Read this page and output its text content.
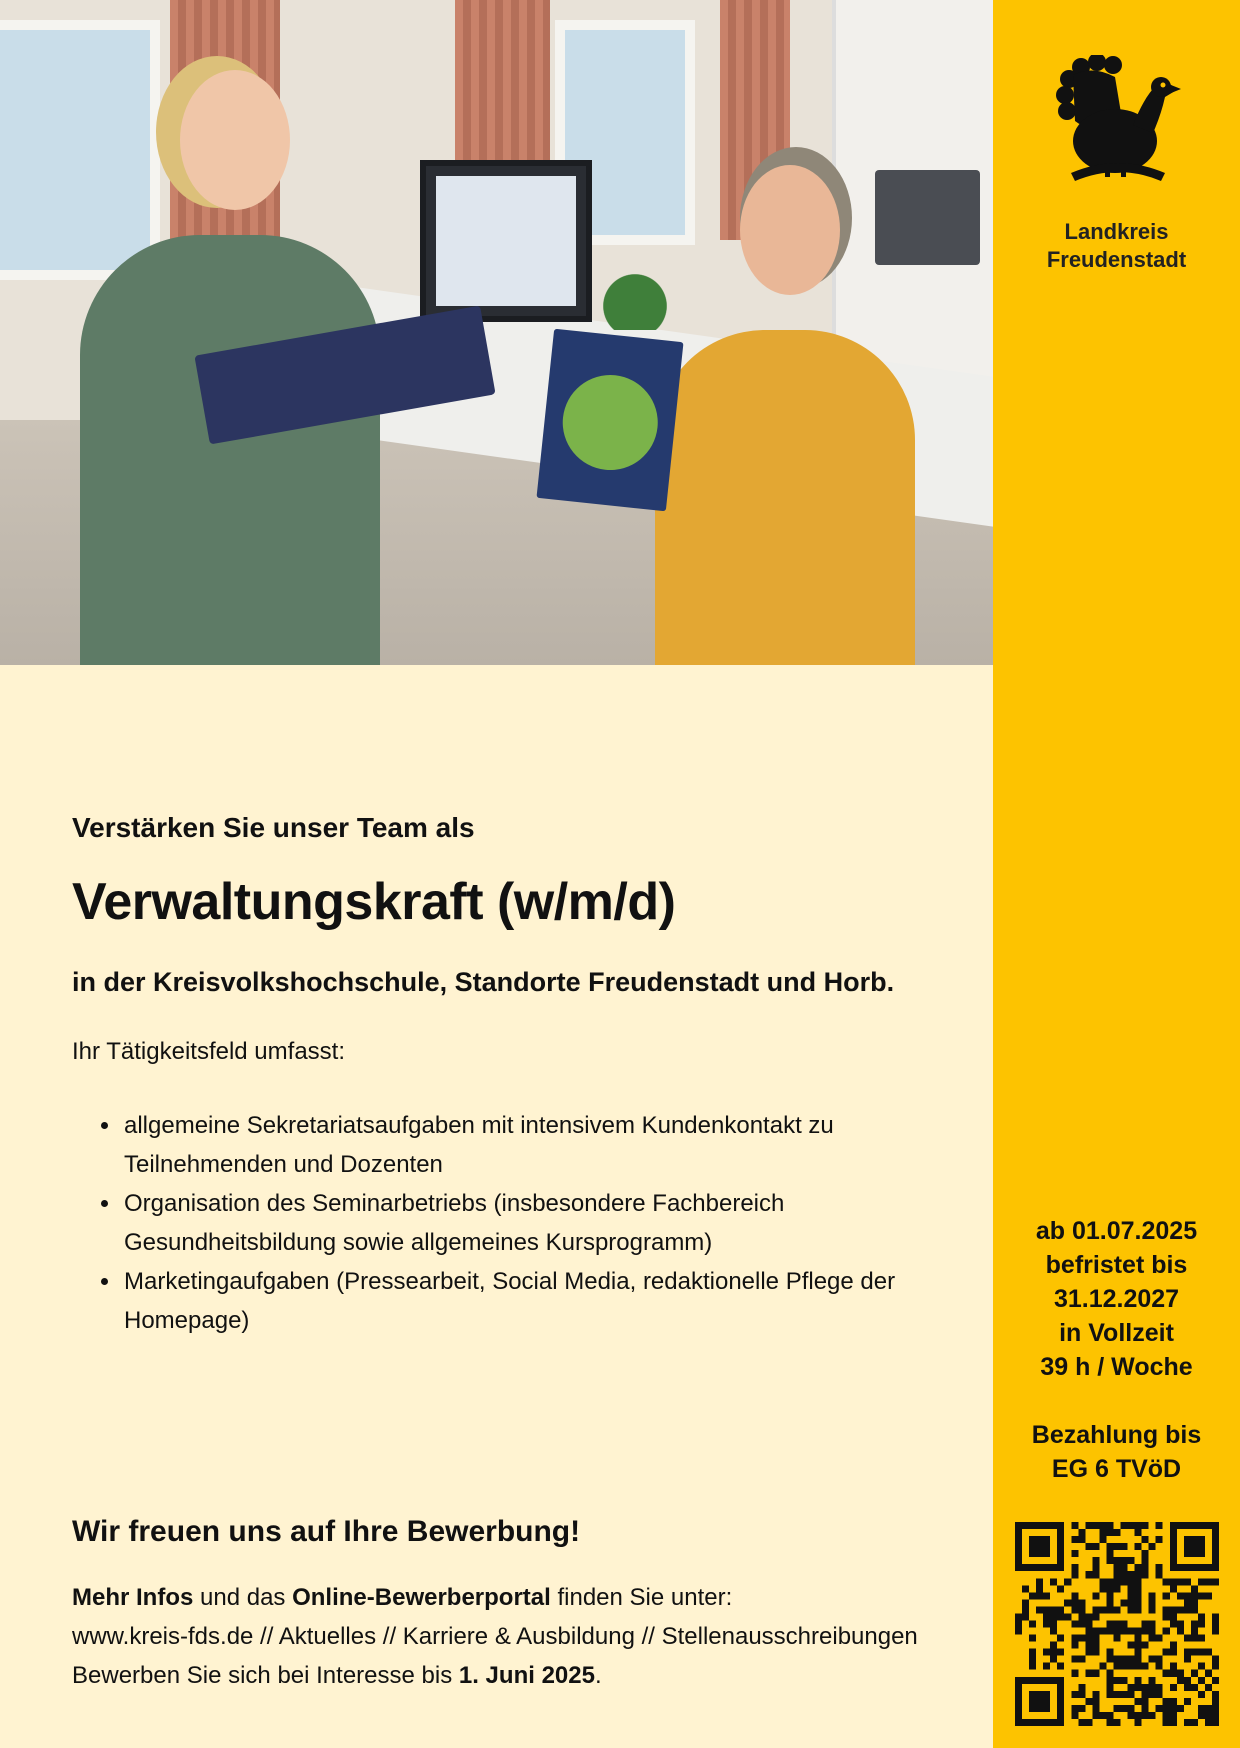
Landkreis
Freudenstadt
ab 01.07.2025
befristet bis
31.12.2027
in Vollzeit
39 h / Woche
Bezahlung bis
EG 6 TVöD

Verstärken Sie unser Team als

Verwaltungskraft (w/m/d)

in der Kreisvolkshochschule, Standorte Freudenstadt und Horb.

Ihr Tätigkeitsfeld umfasst:

• allgemeine Sekretariatsaufgaben mit intensivem Kundenkontakt zu Teilnehmenden und Dozenten
• Organisation des Seminarbetriebs (insbesondere Fachbereich Gesundheitsbildung sowie allgemeines Kursprogramm)
• Marketingaufgaben (Pressearbeit, Social Media, redaktionelle Pflege der Homepage)

Wir freuen uns auf Ihre Bewerbung!

Mehr Infos und das Online-Bewerberportal finden Sie unter:
www.kreis-fds.de // Aktuelles // Karriere & Ausbildung // Stellenausschreibungen
Bewerben Sie sich bei Interesse bis 1. Juni 2025.
